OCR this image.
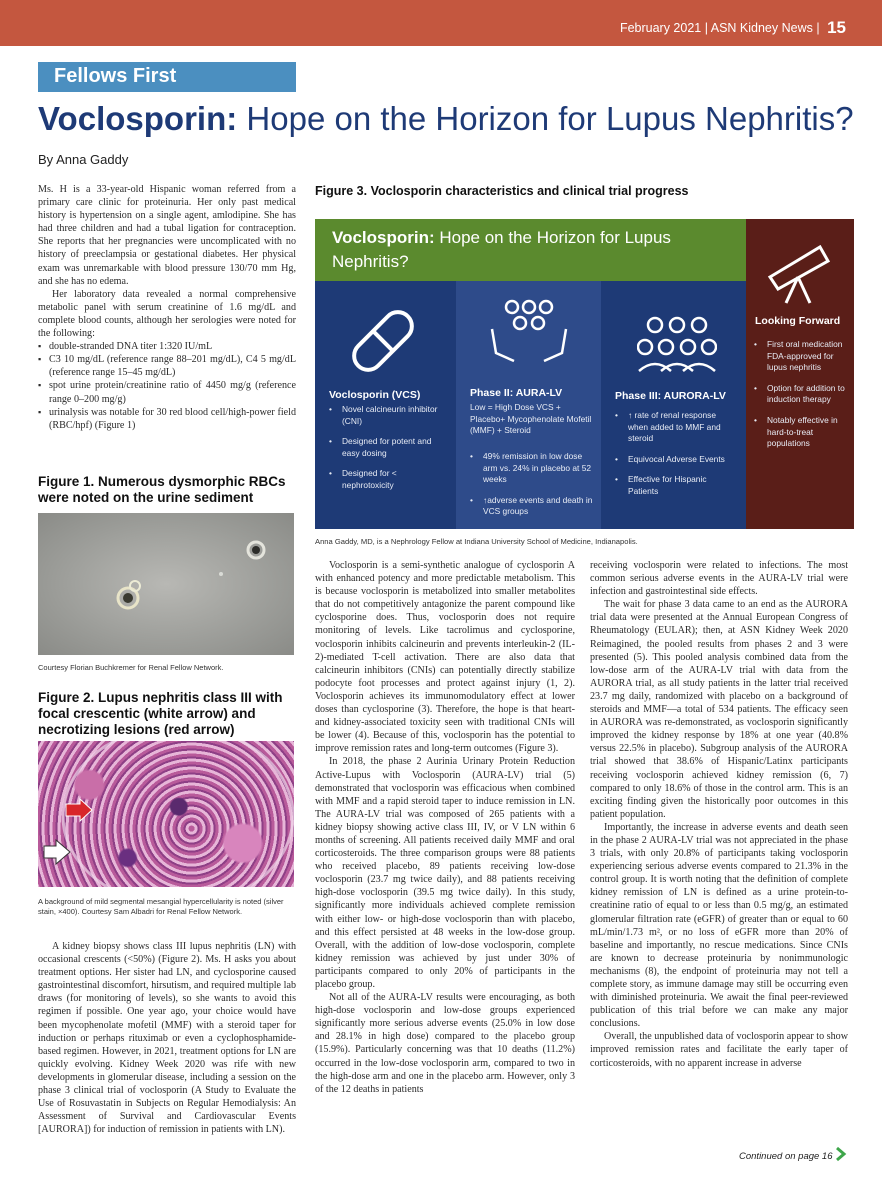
February 2021 | ASN Kidney News | 15
Fellows First
Voclosporin: Hope on the Horizon for Lupus Nephritis?
By Anna Gaddy

Ms. H is a 33-year-old Hispanic woman referred from a primary care clinic for proteinuria. Her only past medical history is hypertension on a single agent, amlodipine. She has had three children and had a tubal ligation for contraception. She reports that her pregnancies were uncomplicated with no history of preeclampsia or gestational diabetes. Her physical exam was unremarkable with blood pressure 130/70 mm Hg, and she has no edema.

Her laboratory data revealed a normal comprehensive metabolic panel with serum creatinine of 1.6 mg/dL and complete blood counts, although her serologies were noted for the following:

▪ double-stranded DNA titer 1:320 IU/mL
▪ C3 10 mg/dL (reference range 88–201 mg/dL), C4 5 mg/dL (reference range 15–45 mg/dL)
▪ spot urine protein/creatinine ratio of 4450 mg/g (reference range 0–200 mg/g)
▪ urinalysis was notable for 30 red blood cell/high-power field (RBC/hpf) (Figure 1)
Figure 1. Numerous dysmorphic RBCs were noted on the urine sediment
Courtesy Florian Buchkremer for Renal Fellow Network.
Figure 2. Lupus nephritis class III with focal crescentic (white arrow) and necrotizing lesions (red arrow)
A background of mild segmental mesangial hypercellularity is noted (silver stain, ×400). Courtesy Sam Albadri for Renal Fellow Network.

A kidney biopsy shows class III lupus nephritis (LN) with occasional crescents (<50%) (Figure 2). Ms. H asks you about treatment options. Her sister had LN, and cyclosporine caused gastrointestinal discomfort, hirsutism, and required multiple lab draws (for monitoring of levels), so she wants to avoid this regimen if possible. One year ago, your choice would have been mycophenolate mofetil (MMF) with a steroid taper for induction or perhaps rituximab or even a cyclophosphamide-based regimen. However, in 2021, treatment options for LN are quickly evolving. Kidney Week 2020 was rife with new developments in glomerular disease, including a session on the phase 3 clinical trial of voclosporin (A Study to Evaluate the Use of Rosuvastatin in Subjects on Regular Hemodialysis: An Assessment of Survival and Cardiovascular Events [AURORA]) for induction of remission in patients with LN).

Figure 3. Voclosporin characteristics and clinical trial progress
Voclosporin: Hope on the Horizon for Lupus Nephritis?
Voclosporin (VCS)
• Novel calcineurin inhibitor (CNI)
• Designed for potent and easy dosing
• Designed for < nephrotoxicity
Phase II: AURA-LV
Low = High Dose VCS + Placebo+ Mycophenolate Mofetil (MMF) + Steroid
• 49% remission in low dose arm vs. 24% in placebo at 52 weeks
• ↑adverse events and death in VCS groups
Phase III: AURORA-LV
• ↑ rate of renal response when added to MMF and steroid
• Equivocal Adverse Events
• Effective for Hispanic Patients
Looking Forward
• First oral medication FDA-approved for lupus nephritis
• Option for addition to induction therapy
• Notably effective in hard-to-treat populations
Anna Gaddy, MD, is a Nephrology Fellow at Indiana University School of Medicine, Indianapolis.

Voclosporin is a semi-synthetic analogue of cyclosporin A with enhanced potency and more predictable metabolism. This is because voclosporin is metabolized into smaller metabolites that do not competitively antagonize the parent compound like cyclosporine does. Thus, voclosporin does not require monitoring of levels. Like tacrolimus and cyclosporine, voclosporin inhibits calcineurin and prevents interleukin-2 (IL-2)-mediated T-cell activation. There are also data that calcineurin inhibitors (CNIs) can potentially directly stabilize podocyte foot processes and protect against injury (1, 2). Voclosporin achieves its immunomodulatory effect at lower doses than cyclosporine (3). Therefore, the hope is that heart- and kidney-associated toxicity seen with traditional CNIs will be lower (4). Because of this, voclosporin has the potential to improve remission rates and long-term outcomes (Figure 3).

In 2018, the phase 2 Aurinia Urinary Protein Reduction Active-Lupus with Voclosporin (AURA-LV) trial (5) demonstrated that voclosporin was efficacious when combined with MMF and a rapid steroid taper to induce remission in LN. The AURA-LV trial was composed of 265 patients with a kidney biopsy showing active class III, IV, or V LN within 6 months of screening. All patients received daily MMF and oral corticosteroids. The three comparison groups were 88 patients who received placebo, 89 patients receiving low-dose voclosporin (23.7 mg twice daily), and 88 patients receiving high-dose voclosporin (39.5 mg twice daily). In this study, significantly more individuals achieved complete remission with either low- or high-dose voclosporin than with placebo, and this effect persisted at 48 weeks in the low-dose group. Overall, with the addition of low-dose voclosporin, complete kidney remission was achieved by just under 30% of participants compared to only 20% of participants in the placebo group.

Not all of the AURA-LV results were encouraging, as both high-dose voclosporin and low-dose groups experienced significantly more serious adverse events (25.0% in low dose and 28.1% in high dose) compared to the placebo group (15.9%). Particularly concerning was that 10 deaths (11.2%) occurred in the low-dose voclosporin arm, compared to two in the high-dose arm and one in the placebo arm. However, only 3 of the 12 deaths in patients

receiving voclosporin were related to infections. The most common serious adverse events in the AURA-LV trial were infection and gastrointestinal side effects.

The wait for phase 3 data came to an end as the AURORA trial data were presented at the Annual European Congress of Rheumatology (EULAR); then, at ASN Kidney Week 2020 Reimagined, the pooled results from phases 2 and 3 were presented (5). This pooled analysis combined data from the low-dose arm of the AURA-LV trial with data from the AURORA trial, as all study patients in the latter trial received 23.7 mg daily, randomized with placebo on a background of steroids and MMF—a total of 534 patients. The efficacy seen in AURORA was re-demonstrated, as voclosporin significantly improved the kidney response by 18% at one year (40.8% versus 22.5% in placebo). Subgroup analysis of the AURORA trial showed that 38.6% of Hispanic/Latinx participants receiving voclosporin achieved kidney remission (6, 7) compared to only 18.6% of those in the control arm. This is an exciting finding given the historically poor outcomes in this patient population.

Importantly, the increase in adverse events and death seen in the phase 2 AURA-LV trial was not appreciated in the phase 3 trials, with only 20.8% of participants taking voclosporin experiencing serious adverse events compared to 21.3% in the control group. It is worth noting that the definition of complete kidney remission of LN is defined as a urine protein-to-creatinine ratio of equal to or less than 0.5 mg/g, an estimated glomerular filtration rate (eGFR) of greater than or equal to 60 mL/min/1.73 m², or no loss of eGFR more than 20% of baseline and importantly, no rescue medications. Since CNIs are known to decrease proteinuria by nonimmunologic mechanisms (8), the endpoint of proteinuria may not tell a complete story, as immune damage may still be occurring even with diminished proteinuria. We await the final peer-reviewed publication of this trial before we can make any major conclusions.

Overall, the unpublished data of voclosporin appear to show improved remission rates and facilitate the early taper of corticosteroids, with no apparent increase in adverse

Continued on page 16
